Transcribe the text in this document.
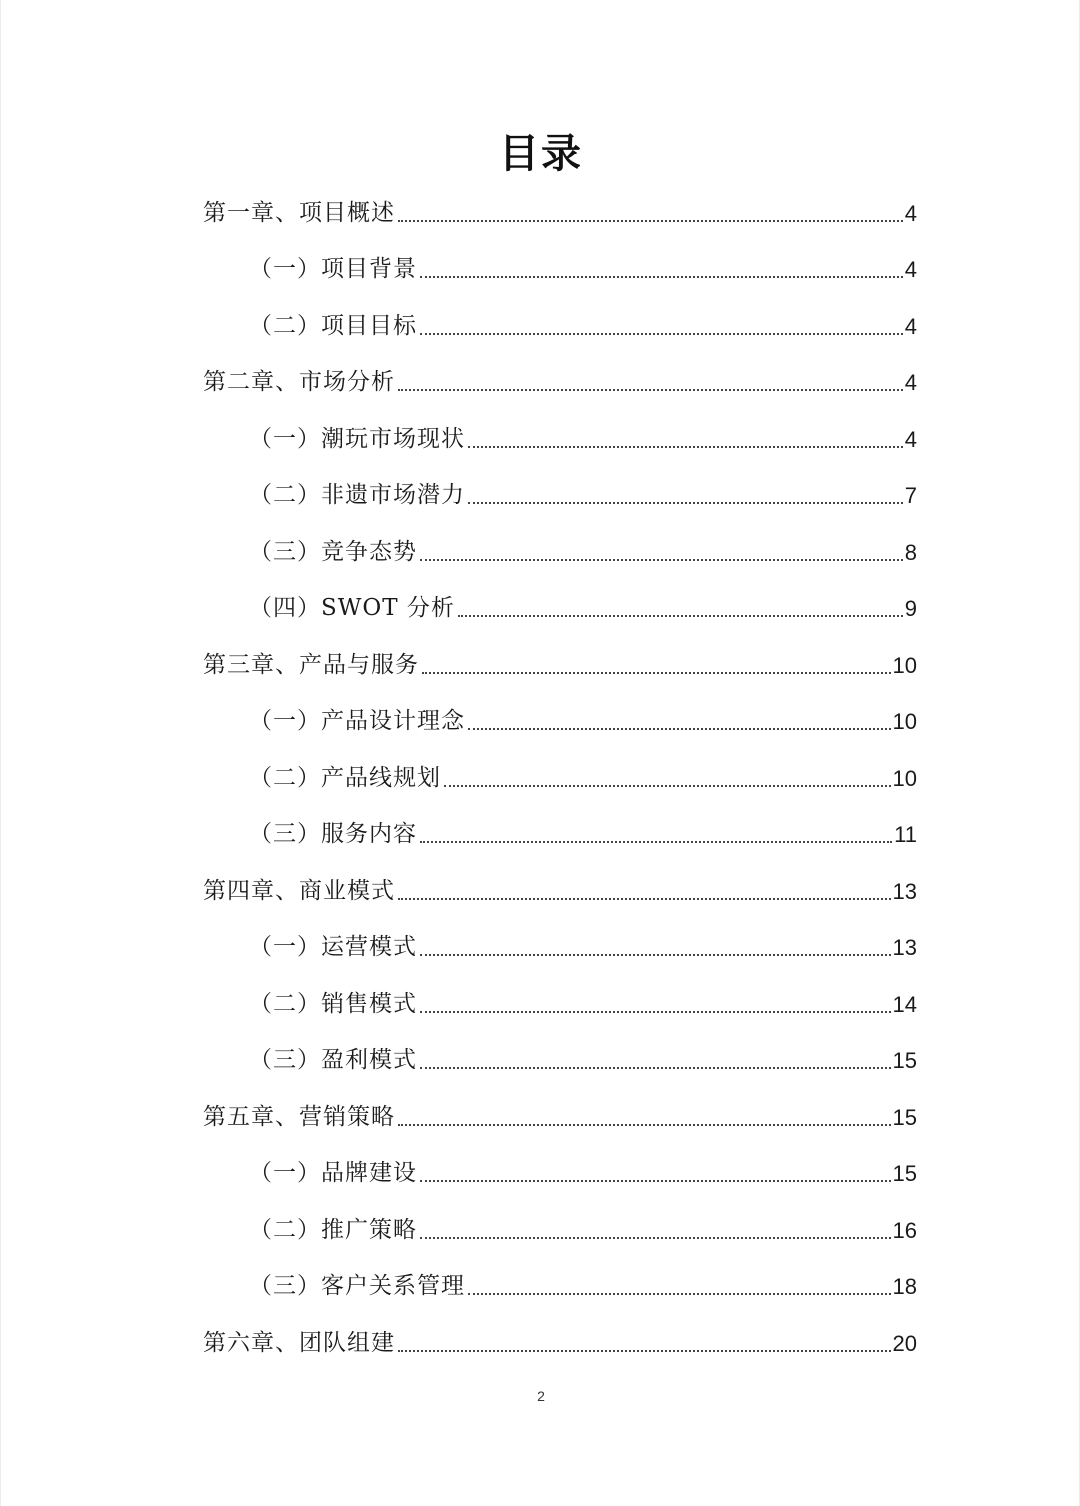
目录
第一章、项目概述	4
（一）项目背景	4
（二）项目目标	4
第二章、市场分析	4
（一）潮玩市场现状	4
（二）非遗市场潜力	7
（三）竞争态势	8
（四）SWOT 分析	9
第三章、产品与服务	10
（一）产品设计理念	10
（二）产品线规划	10
（三）服务内容	11
第四章、商业模式	13
（一）运营模式	13
（二）销售模式	14
（三）盈利模式	15
第五章、营销策略	15
（一）品牌建设	15
（二）推广策略	16
（三）客户关系管理	18
第六章、团队组建	20
2
